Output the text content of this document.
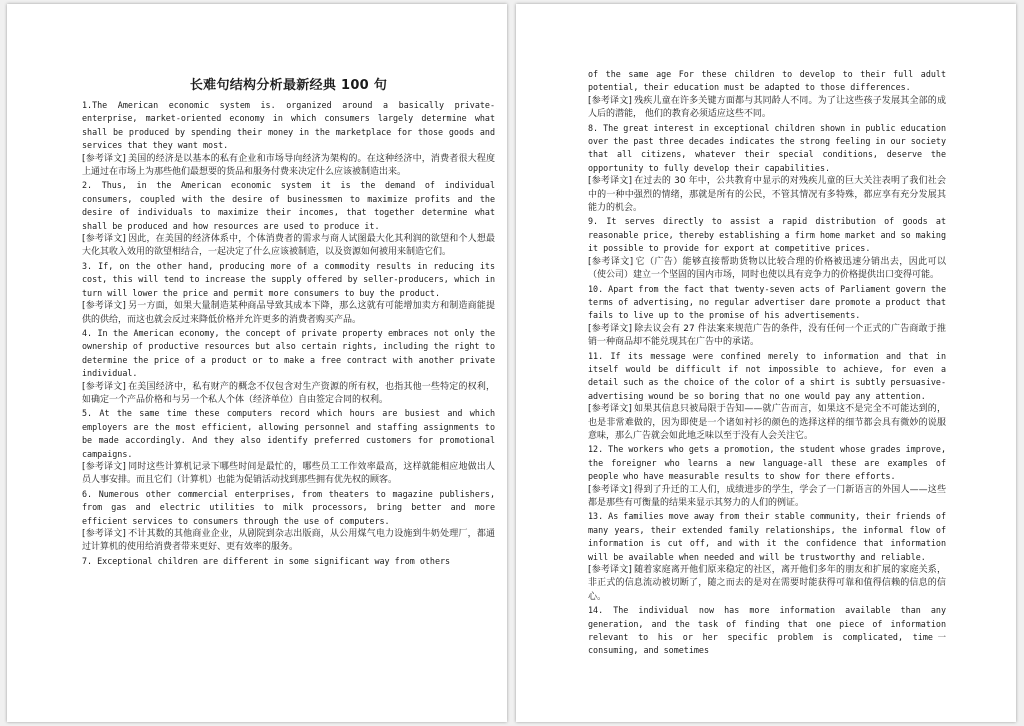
长难句结构分析最新经典 100 句
1.The American economic system is. organized around a basically private-enterprise, market-oriented economy in which consumers largely determine what shall be produced by spending their money in the marketplace for those goods and services that they want most.
[参考译文] 美国的经济是以基本的私有企业和市场导向经济为架构的。在这种经济中，消费者很大程度上通过在市场上为那些他们最想要的货品和服务付费来决定什么应该被制造出来。
2. Thus, in the American economic system it is the demand of individual consumers, coupled with the desire of businessmen to maximize profits and the desire of individuals to maximize their incomes, that together determine what shall be produced and how resources are used to produce it.
[参考译文] 因此，在美国的经济体系中，个体消费者的需求与商人试图最大化其利润的欲望和个人想最大化其收入效用的欲望相结合，一起决定了什么应该被制造，以及资源如何被用来制造它们。
3. If, on the other hand, producing more of a commodity results in reducing its cost, this will tend to increase the supply offered by seller-producers, which in turn will lower the price and permit more consumers to buy the product.
[参考译文] 另一方面，如果大量制造某种商品导致其成本下降，那么这就有可能增加卖方和制造商能提供的供给，而这也就会反过来降低价格并允许更多的消费者购买产品。
4. In the American economy, the concept of private property embraces not only the ownership of productive resources but also certain rights, including the right to determine the price of a product or to make a free contract with another private individual.
[参考译文] 在美国经济中，私有财产的概念不仅包含对生产资源的所有权，也指其他一些特定的权利，如确定一个产品价格和与另一个私人个体（经济单位）自由签定合同的权利。
5. At the same time these computers record which hours are busiest and which employers are the most efficient, allowing personnel and staffing assignments to be made accordingly. And they also identify preferred customers for promotional campaigns.
[参考译文] 同时这些计算机记录下哪些时间是最忙的，哪些员工工作效率最高，这样就能相应地做出人员人事安排。而且它们（计算机）也能为促销活动找到那些拥有优先权的顾客。
6. Numerous other commercial enterprises, from theaters to magazine publishers, from gas and electric utilities to milk processors, bring better and more efficient services to consumers through the use of computers.
[参考译文] 不计其数的其他商业企业，从剧院到杂志出版商，从公用煤气电力设施到牛奶处理厂，都通过计算机的使用给消费者带来更好、更有效率的服务。
7. Exceptional children are different in some significant way from others
of the same age For these children to develop to their full adult potential, their education must be adapted to those differences.
[参考译文] 残疾儿童在许多关键方面都与其同龄人不同。为了让这些孩子发展其全部的成人后的潜能， 他们的教育必须适应这些不同。
8. The great interest in exceptional children shown in public education over the past three decades indicates the strong feeling in our society that all citizens, whatever their special conditions, deserve the opportunity to fully develop their capabilities.
[参考译文] 在过去的 30 年中，公共教育中显示的对残疾儿童的巨大关注表明了我们社会中的一种中强烈的情绪，那就是所有的公民，不管其情况有多特殊，都应享有充分发展其能力的机会。
9. It serves directly to assist a rapid distribution of goods at reasonable price, thereby establishing a firm home market and so making it possible to provide for export at competitive prices.
[参考译文] 它（广告）能够直接帮助货物以比较合理的价格被迅速分销出去，因此可以（使公司）建立一个坚固的国内市场，同时也使以具有竞争力的价格提供出口变得可能。
10. Apart from the fact that twenty-seven acts of Parliament govern the terms of advertising, no regular advertiser dare promote a product that fails to live up to the promise of his advertisements.
[参考译文] 除去议会有 27 件法案来规范广告的条件，没有任何一个正式的广告商敢于推销一种商品却不能兑现其在广告中的承诺。
11. If its message were confined merely to information and that in itself would be difficult if not impossible to achieve, for even a detail such as the choice of the color of a shirt is subtly persuasive-advertising wound be so boring that no one would pay any attention.
[参考译文] 如果其信息只被局限于告知——就广告而言，如果这不是完全不可能达到的，也是非常难做的，因为即使是一个诸如衬衫的颜色的选择这样的细节都会具有微妙的说服意味，那么广告就会如此地乏味以至于没有人会关注它。
12. The workers who gets a promotion, the student whose grades improve, the foreigner who learns a new language-all these are examples of people who have measurable results to show for there efforts.
[参考译文] 得到了升迁的工人们，成绩进步的学生，学会了一门新语言的外国人——这些都是那些有可衡量的结果来显示其努力的人们的例证。
13. As families move away from their stable community, their friends of many years, their extended family relationships, the informal flow of information is cut off, and with it the confidence that information will be available when needed and will be trustworthy and reliable.
[参考译文] 随着家庭离开他们原来稳定的社区，离开他们多年的朋友和扩展的家庭关系，非正式的信息流动被切断了，随之而去的是对在需要时能获得可靠和值得信赖的信息的信心。
14. The individual now has more information available than any generation, and the task of finding that one piece of information relevant to his or her specific problem is complicated, time一consuming, and sometimes
